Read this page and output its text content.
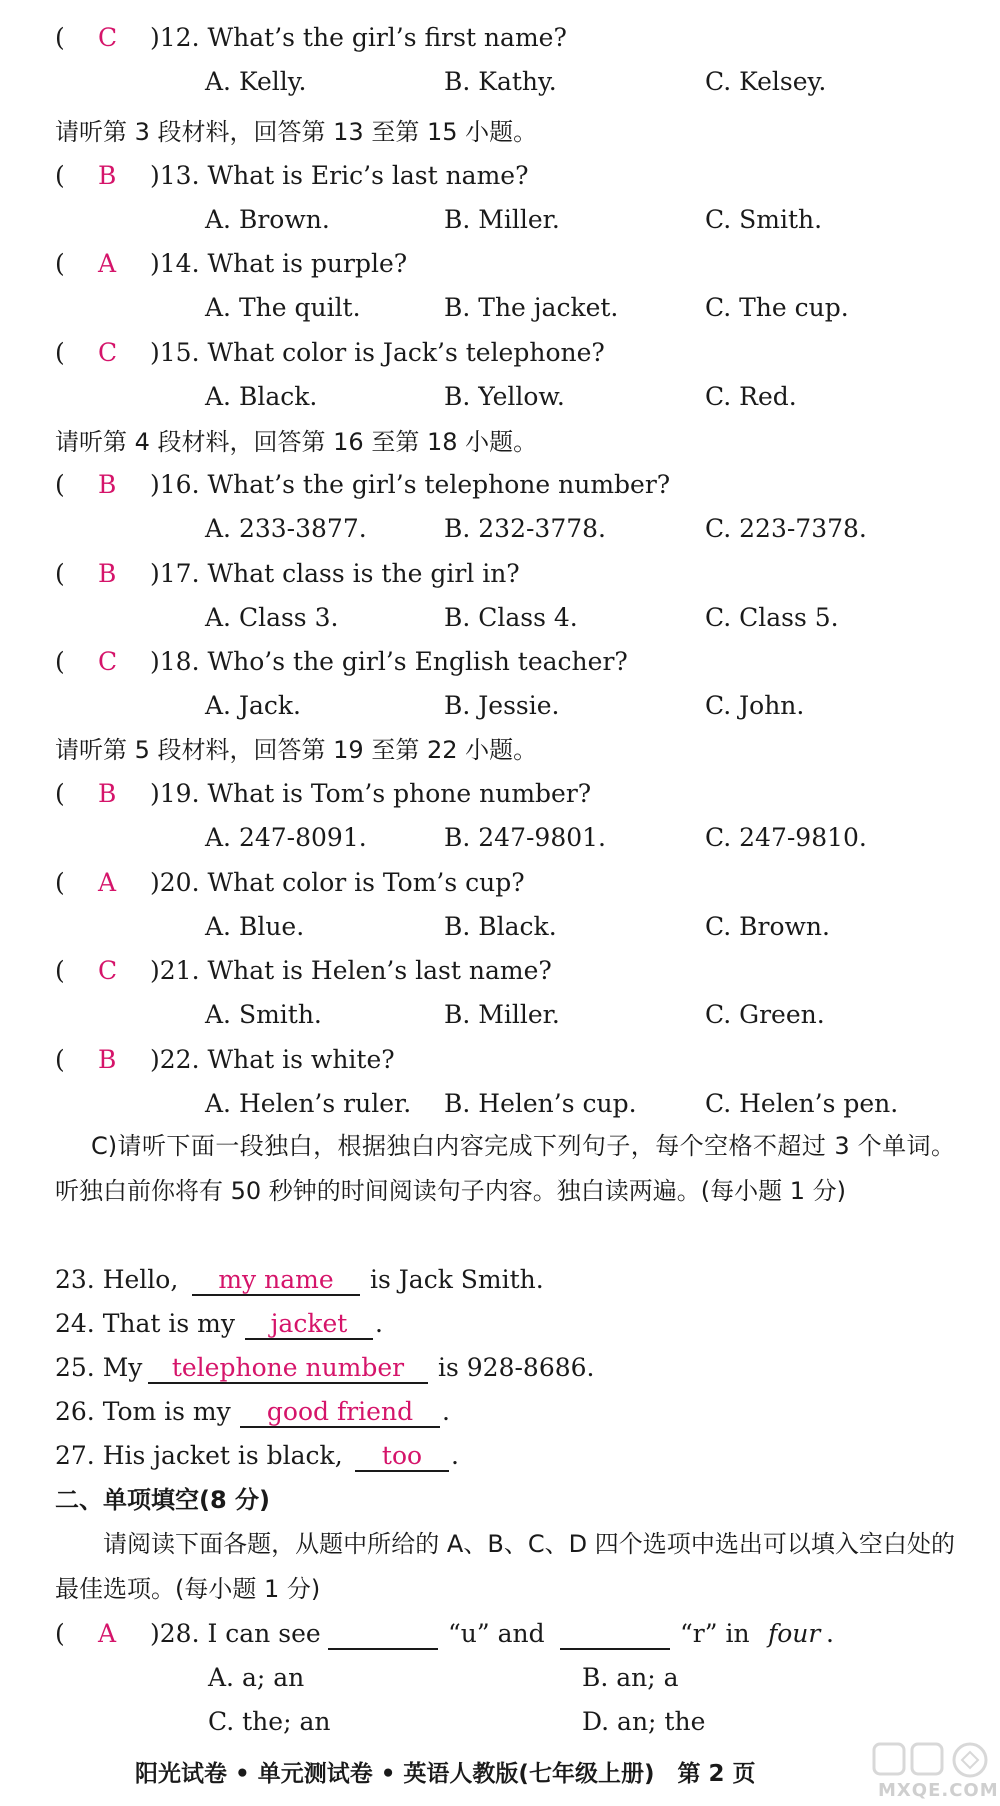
C)请听下面一段独白，根据独白内容完成下列句子，每个空格不超过 3 个单词。听独白前你将有 50 秒钟的时间阅读句子内容。独白读两遍。(每小题 1 分)
二、单项填空(8 分)
请阅读下面各题，从题中所给的 A、B、C、D 四个选项中选出可以填入空白处的最佳选项。(每小题 1 分)
( A )28. I can see	“u” and	“r” in four .
A. a; an	B. an; a
C. the; an	D. an; the
阳光试卷 • 单元测试卷 • 英语人教版(七年级上册)　第 2 页
MXQE.COM
( C )12. What’s the girl’s first name?
A. Kelly.	B. Kathy.	C. Kelsey.
( B )13. What is Eric’s last name?
A. Brown.	B. Miller.	C. Smith.
( A )14. What is purple?
A. The quilt.	B. The jacket.	C. The cup.
( C )15. What color is Jack’s telephone?
A. Black.	B. Yellow.	C. Red.
( B )16. What’s the girl’s telephone number?
A. 233-3877.	B. 232-3778.	C. 223-7378.
( B )17. What class is the girl in?
A. Class 3.	B. Class 4.	C. Class 5.
( C )18. Who’s the girl’s English teacher?
A. Jack.	B. Jessie.	C. John.
( B )19. What is Tom’s phone number?
A. 247-8091.	B. 247-9801.	C. 247-9810.
( A )20. What color is Tom’s cup?
A. Blue.	B. Black.	C. Brown.
( C )21. What is Helen’s last name?
A. Smith.	B. Miller.	C. Green.
( B )22. What is white?
A. Helen’s ruler. B. Helen’s cup.	C. Helen’s pen.
请听第 3 段材料，回答第 13 至第 15 小题。
请听第 4 段材料，回答第 16 至第 18 小题。
请听第 5 段材料，回答第 19 至第 22 小题。
23. Hello,	my name	is Jack Smith.
24. That is my	jacket	.
25. My	telephone number	is 928-8686.
26. Tom is my	good friend	.
27. His jacket is black,	too	.
